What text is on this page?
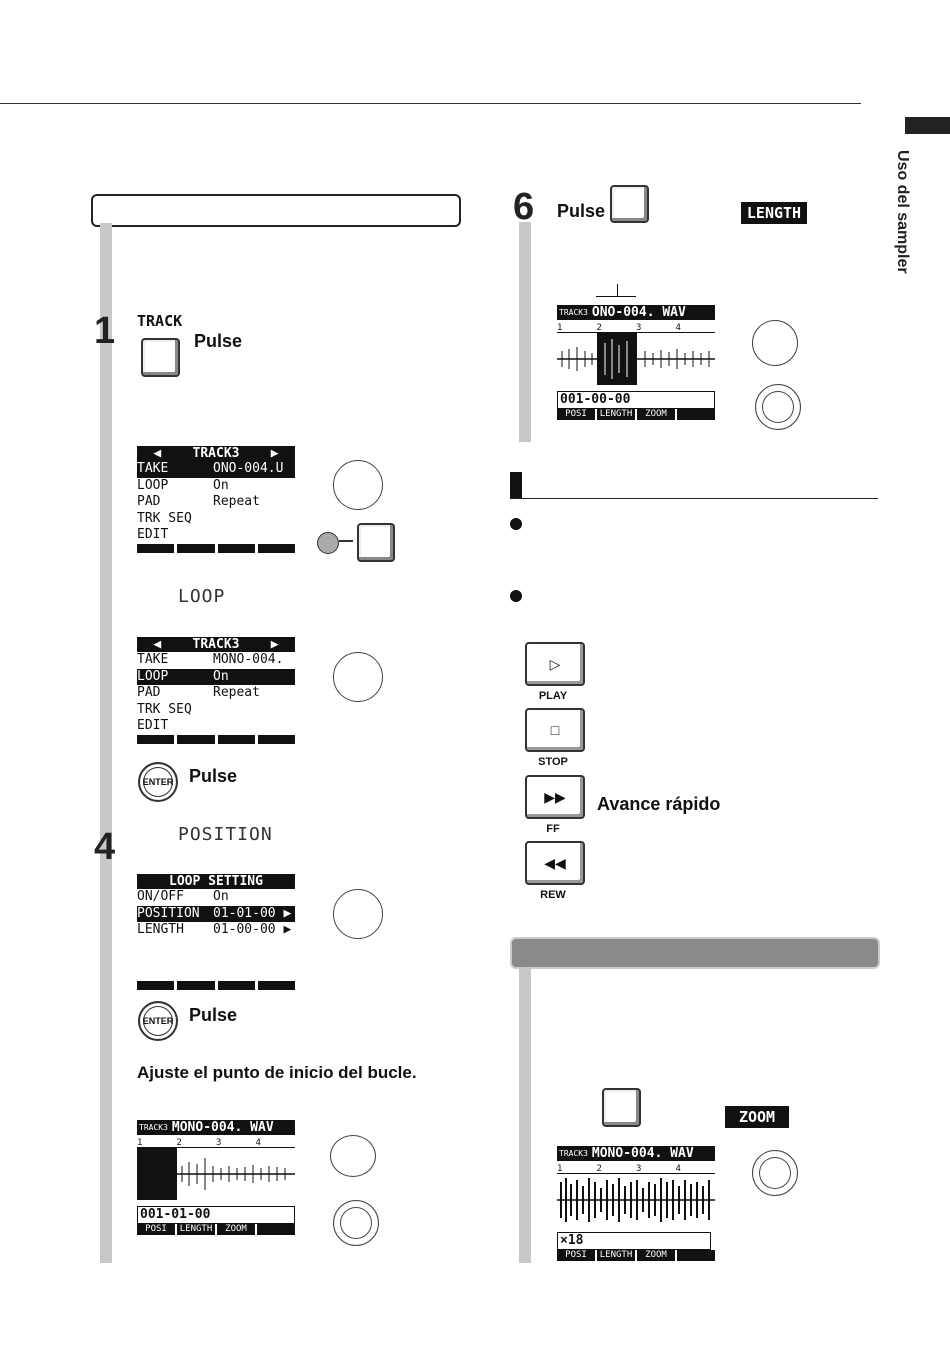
Uso del sampler
1 TRACK
Pulse
◀ TRACK3 ▶
TAKE	ONO-004.U
LOOP	On
PAD	Repeat
TRK SEQ
EDIT
LOOP
◀ TRACK3 ▶
TAKE	MONO-004.
LOOP	On
PAD	Repeat
TRK SEQ
EDIT
ENTER Pulse
4	POSITION
LOOP SETTING
ON/OFF	On
POSITION	01-01-00 ▶
LENGTH	01-00-00 ▶
ENTER Pulse
Ajuste el punto de inicio del bucle.
TRACK3 MONO-004. WAV
1	2	3	4
001-01-00
POSI	LENGTH	ZOOM
6 Pulse	LENGTH
TRACK3 ONO-004. WAV
1	2	3	4
001-00-00
POSI	LENGTH	ZOOM
▷
PLAY
□
STOP
▶▶
FF
Avance rápido
◀◀
REW
ZOOM
TRACK3 MONO-004. WAV
1	2	3	4
×18
POSI	LENGTH	ZOOM
